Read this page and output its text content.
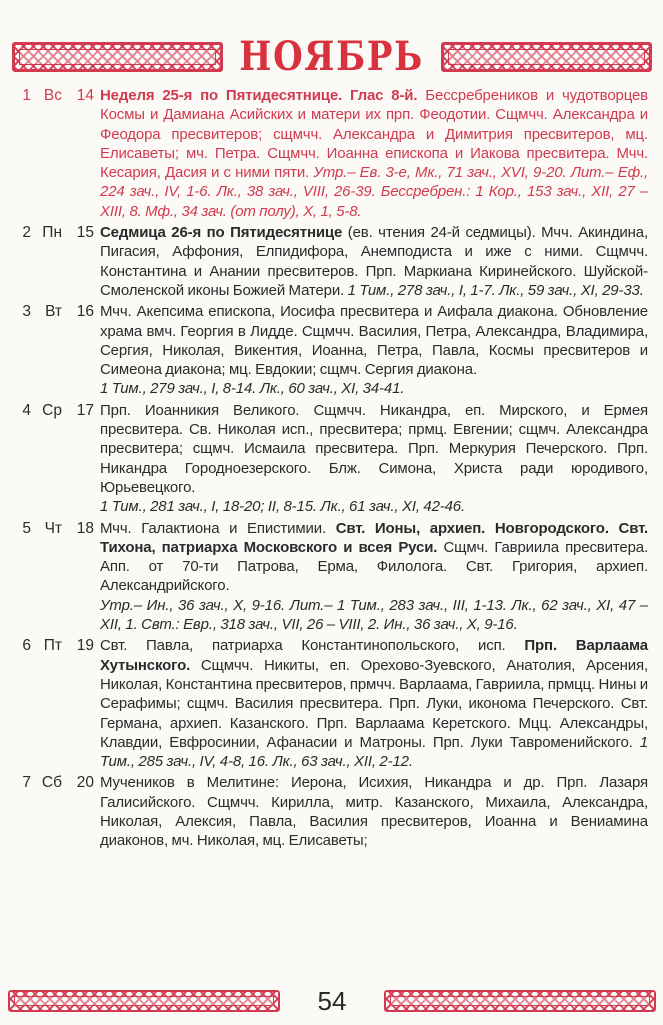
НОЯБРЬ
1 Вс 14 Неделя 25-я по Пятидесятнице. Глас 8-й. Бессребреников и чудотворцев Космы и Дамиана Асийских и матери их прп. Феодотии. Сщмчч. Александра и Феодора пресвитеров; сщмчч. Александра и Димитрия пресвитеров, мц. Елисаветы; мч. Петра. Сщмчч. Иоанна епископа и Иакова пресвитера. Мчч. Кесария, Дасия и с ними пяти. Утр.– Ев. 3-е, Мк., 71 зач., XVI, 9-20. Лит.– Еф., 224 зач., IV, 1-6. Лк., 38 зач., VIII, 26-39. Бессребрен.: 1 Кор., 153 зач., XII, 27 – XIII, 8. Мф., 34 зач. (от полу), X, 1, 5-8.
2 Пн 15 Седмица 26-я по Пятидесятнице (ев. чтения 24-й седмицы). Мчч. Акиндина, Пигасия, Аффония, Елпидифора, Анемподиста и иже с ними. Сщмчч. Константина и Анании пресвитеров. Прп. Маркиана Киринейского. Шуйской-Смоленской иконы Божией Матери. 1 Тим., 278 зач., I, 1-7. Лк., 59 зач., XI, 29-33.
3 Вт 16 Мчч. Акепсима епископа, Иосифа пресвитера и Аифала диакона. Обновление храма вмч. Георгия в Лидде. Сщмчч. Василия, Петра, Александра, Владимира, Сергия, Николая, Викентия, Иоанна, Петра, Павла, Космы пресвитеров и Симеона диакона; мц. Евдокии; сщмч. Сергия диакона.
1 Тим., 279 зач., I, 8-14. Лк., 60 зач., XI, 34-41.
4 Ср 17 Прп. Иоанникия Великого. Сщмчч. Никандра, еп. Мирского, и Ермея пресвитера. Св. Николая исп., пресвитера; прмц. Евгении; сщмч. Александра пресвитера; сщмч. Исмаила пресвитера. Прп. Меркурия Печерского. Прп. Никандра Городноезерского. Блж. Симона, Христа ради юродивого, Юрьевецкого.
1 Тим., 281 зач., I, 18-20; II, 8-15. Лк., 61 зач., XI, 42-46.
5 Чт 18 Мчч. Галактиона и Епистимии. Свт. Ионы, архиеп. Новгородского. Свт. Тихона, патриарха Московского и всея Руси. Сщмч. Гавриила пресвитера. Апп. от 70-ти Патрова, Ерма, Филолога. Свт. Григория, архиеп. Александрийского.
Утр.– Ин., 36 зач., X, 9-16. Лит.– 1 Тим., 283 зач., III, 1-13. Лк., 62 зач., XI, 47 – XII, 1. Свт.: Евр., 318 зач., VII, 26 – VIII, 2. Ин., 36 зач., X, 9-16.
6 Пт 19 Свт. Павла, патриарха Константинопольского, исп. Прп. Варлаама Хутынского. Сщмчч. Никиты, еп. Орехово-Зуевского, Анатолия, Арсения, Николая, Константина пресвитеров, прмчч. Варлаама, Гавриила, прмцц. Нины и Серафимы; сщмч. Василия пресвитера. Прп. Луки, иконома Печерского. Свт. Германа, архиеп. Казанского. Прп. Варлаама Керетского. Мцц. Александры, Клавдии, Евфросинии, Афанасии и Матроны. Прп. Луки Тавроменийского. 1 Тим., 285 зач., IV, 4-8, 16. Лк., 63 зач., XII, 2-12.
7 Сб 20 Мучеников в Мелитине: Иерона, Исихия, Никандра и др. Прп. Лазаря Галисийского. Сщмчч. Кирилла, митр. Казанского, Михаила, Александра, Николая, Алексия, Павла, Василия пресвитеров, Иоанна и Вениамина диаконов, мч. Николая, мц. Елисаветы;
54
